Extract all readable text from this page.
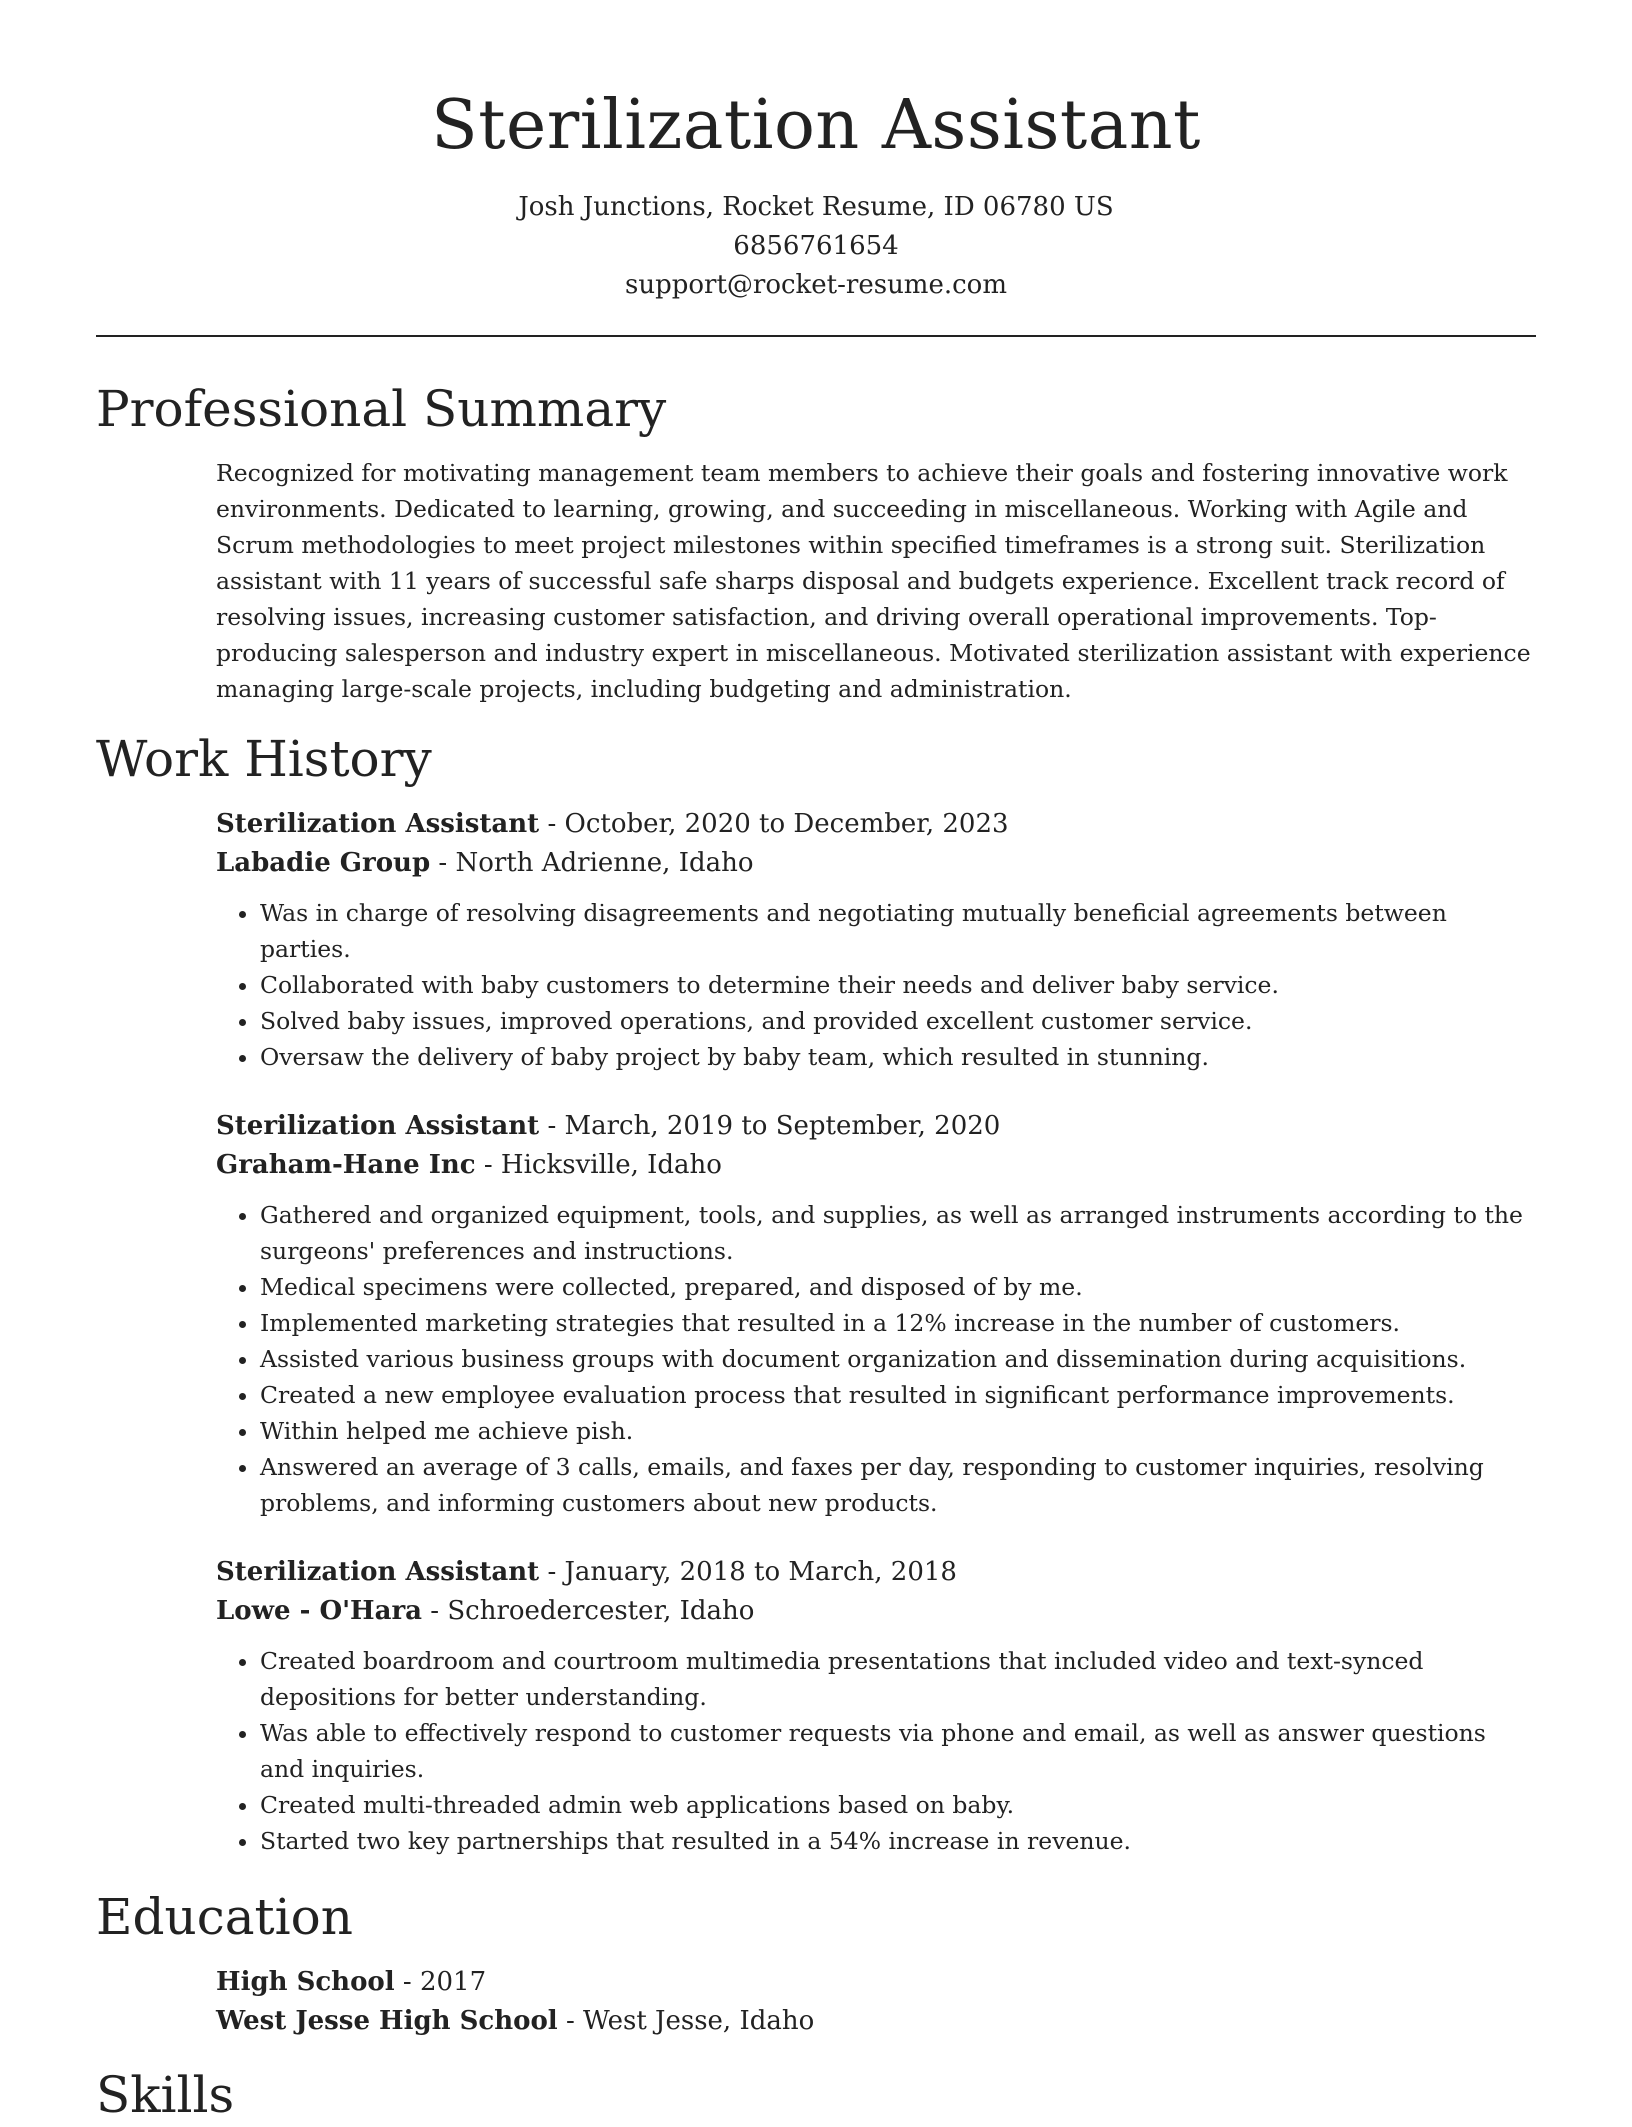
Sterilization Assistant
Josh Junctions, Rocket Resume, ID 06780 US
6856761654
support@rocket-resume.com
Professional Summary
Recognized for motivating management team members to achieve their goals and fostering innovative work environments. Dedicated to learning, growing, and succeeding in miscellaneous. Working with Agile and Scrum methodologies to meet project milestones within specified timeframes is a strong suit. Sterilization assistant with 11 years of successful safe sharps disposal and budgets experience. Excellent track record of resolving issues, increasing customer satisfaction, and driving overall operational improvements. Top-producing salesperson and industry expert in miscellaneous. Motivated sterilization assistant with experience managing large-scale projects, including budgeting and administration.
Work History
Sterilization Assistant - October, 2020 to December, 2023
Labadie Group - North Adrienne, Idaho
• Was in charge of resolving disagreements and negotiating mutually beneficial agreements between parties.
• Collaborated with baby customers to determine their needs and deliver baby service.
• Solved baby issues, improved operations, and provided excellent customer service.
• Oversaw the delivery of baby project by baby team, which resulted in stunning.
Sterilization Assistant - March, 2019 to September, 2020
Graham-Hane Inc - Hicksville, Idaho
• Gathered and organized equipment, tools, and supplies, as well as arranged instruments according to the surgeons' preferences and instructions.
• Medical specimens were collected, prepared, and disposed of by me.
• Implemented marketing strategies that resulted in a 12% increase in the number of customers.
• Assisted various business groups with document organization and dissemination during acquisitions.
• Created a new employee evaluation process that resulted in significant performance improvements.
• Within helped me achieve pish.
• Answered an average of 3 calls, emails, and faxes per day, responding to customer inquiries, resolving problems, and informing customers about new products.
Sterilization Assistant - January, 2018 to March, 2018
Lowe - O'Hara - Schroedercester, Idaho
• Created boardroom and courtroom multimedia presentations that included video and text-synced depositions for better understanding.
• Was able to effectively respond to customer requests via phone and email, as well as answer questions and inquiries.
• Created multi-threaded admin web applications based on baby.
• Started two key partnerships that resulted in a 54% increase in revenue.
Education
High School - 2017
West Jesse High School - West Jesse, Idaho
Skills
